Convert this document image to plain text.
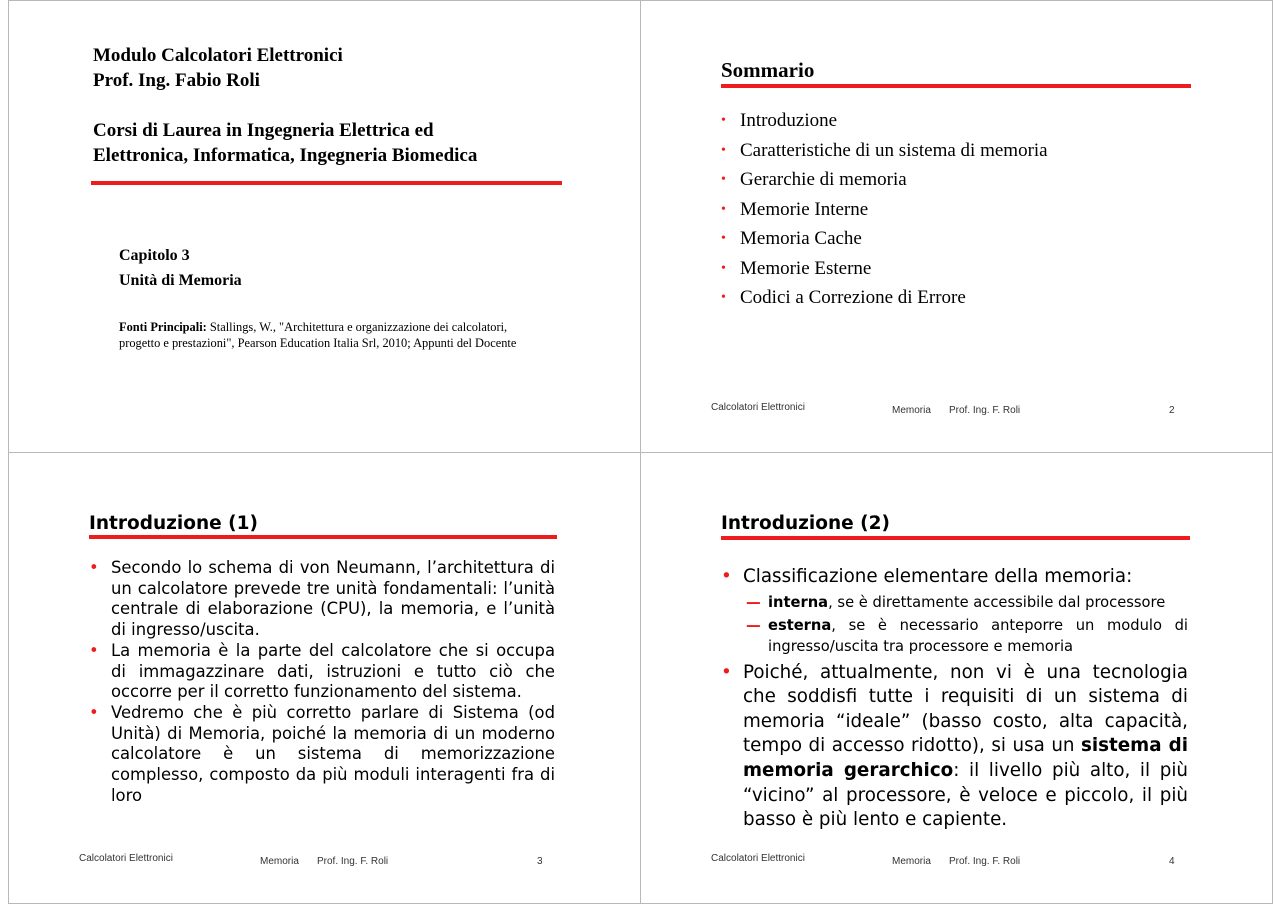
Modulo Calcolatori Elettronici
Prof. Ing. Fabio Roli
Corsi di Laurea in Ingegneria Elettrica ed
Elettronica, Informatica, Ingegneria Biomedica
Capitolo 3
Unità di Memoria
Fonti Principali: Stallings, W., "Architettura e organizzazione dei calcolatori,
progetto e prestazioni", Pearson Education Italia Srl, 2010; Appunti del Docente
Sommario
• Introduzione
• Caratteristiche di un sistema di memoria
• Gerarchie di memoria
• Memorie Interne
• Memoria Cache
• Memorie Esterne
• Codici a Correzione di Errore
Calcolatori Elettronici	Memoria Prof. Ing. F. Roli	2
Introduzione (1)
• Secondo lo schema di von Neumann, l’architettura di un calcolatore prevede tre unità fondamentali: l’unità centrale di elaborazione (CPU), la memoria, e l’unità di ingresso/uscita.
• La memoria è la parte del calcolatore che si occupa di immagazzinare dati, istruzioni e tutto ciò che occorre per il corretto funzionamento del sistema.
• Vedremo che è più corretto parlare di Sistema (od Unità) di Memoria, poiché la memoria di un moderno calcolatore è un sistema di memorizzazione complesso, composto da più moduli interagenti fra di loro
Calcolatori Elettronici	Memoria Prof. Ing. F. Roli	3
Introduzione (2)
• Classificazione elementare della memoria:
— interna, se è direttamente accessibile dal processore
— esterna, se è necessario anteporre un modulo di ingresso/uscita tra processore e memoria
• Poiché, attualmente, non vi è una tecnologia che soddisfi tutte i requisiti di un sistema di memoria “ideale” (basso costo, alta capacità, tempo di accesso ridotto), si usa un sistema di memoria gerarchico: il livello più alto, il più “vicino” al processore, è veloce e piccolo, il più basso è più lento e capiente.
Calcolatori Elettronici	Memoria Prof. Ing. F. Roli	4
